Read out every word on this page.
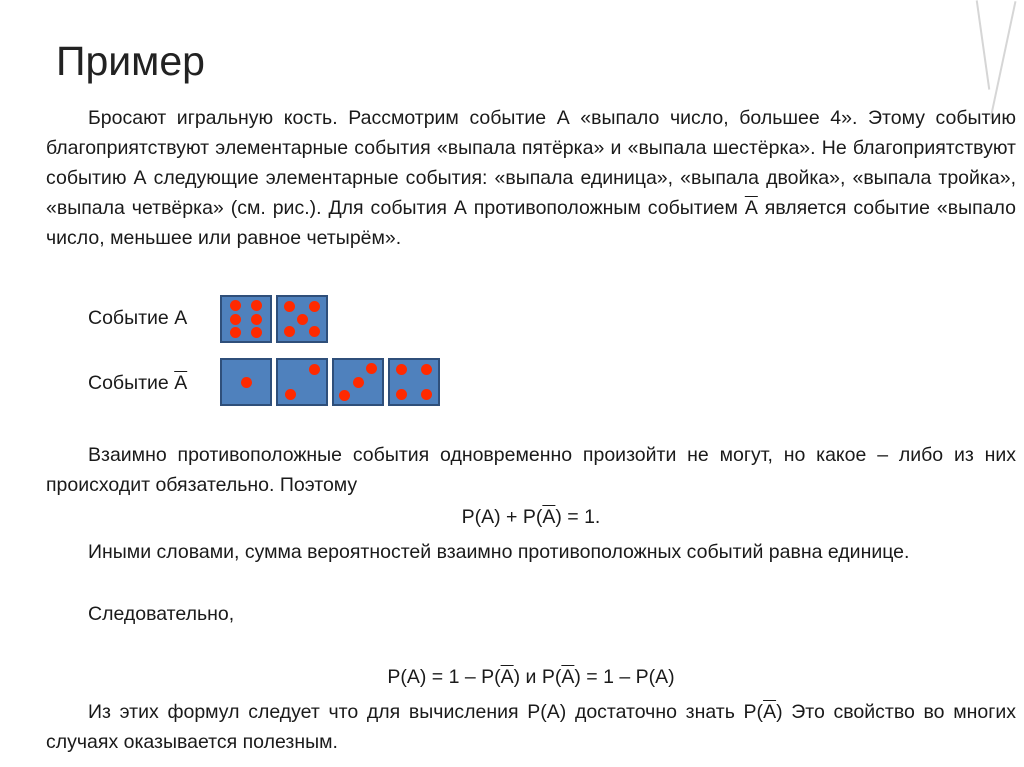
Пример
Бросают игральную кость. Рассмотрим событие А «выпало число, большее 4». Этому событию благоприятствуют элементарные события «выпала пятёрка» и «выпала шестёрка». Не благоприятствуют событию А следующие элементарные события: «выпала единица», «выпала двойка», «выпала тройка», «выпала четвёрка» (см. рис.). Для события А противоположным событием А является событие «выпало число, меньшее или равное четырём».
Событие А
Событие А
Взаимно противоположные события одновременно произойти не могут, но какое – либо из них происходит обязательно. Поэтому
Р(А) + Р(А) = 1.
Иными словами, сумма вероятностей взаимно противоположных событий равна единице.
Следовательно,
Р(А) = 1 – Р(А) и Р(А) = 1 – Р(А)
Из этих формул следует что для вычисления Р(А) достаточно знать Р(А) Это свойство во многих случаях оказывается полезным.
